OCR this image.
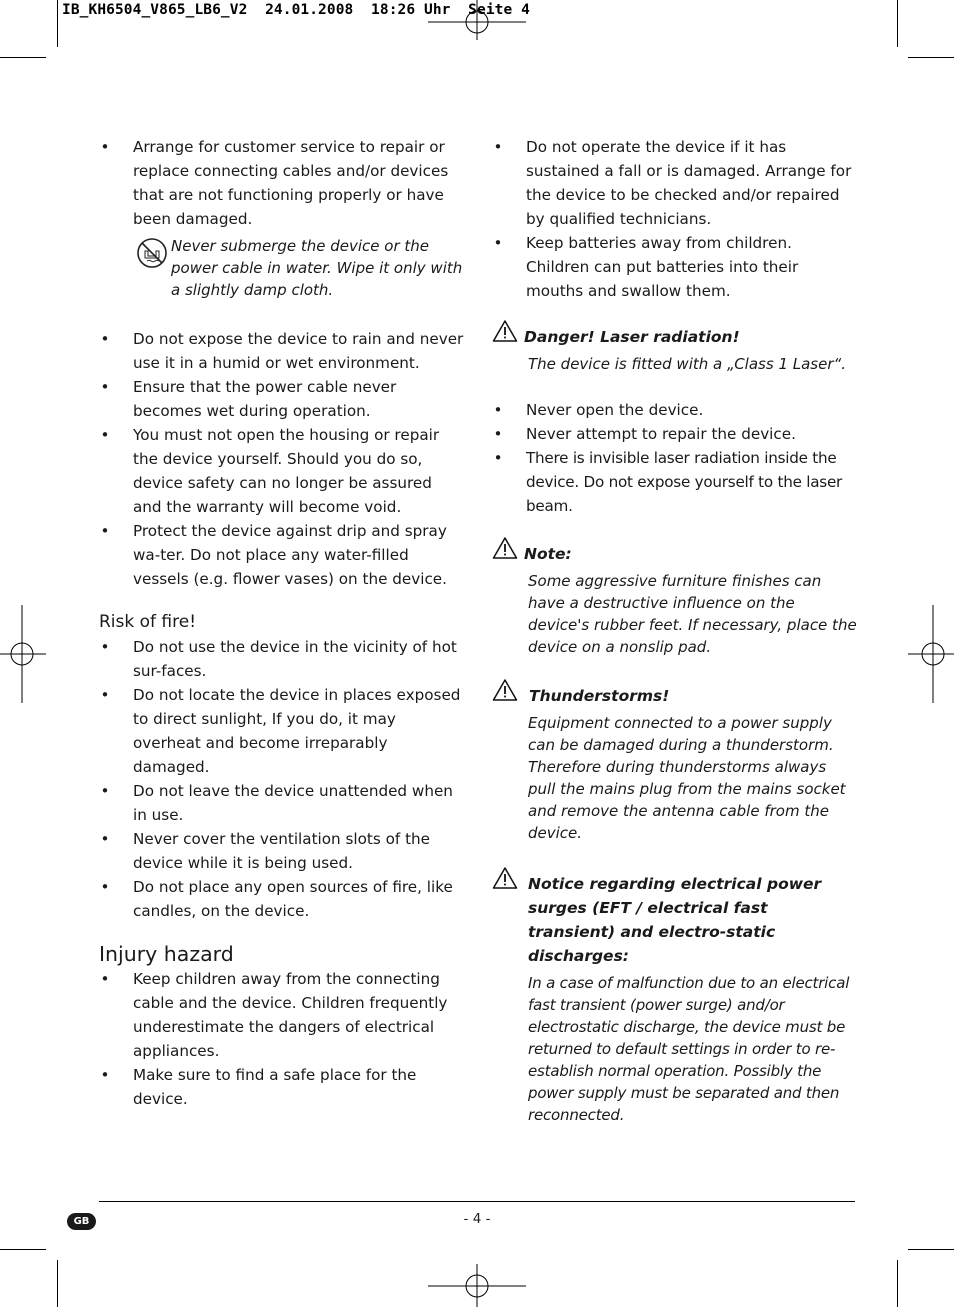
IB_KH6504_V865_LB6_V2  24.01.2008  18:26 Uhr  Seite 4
• Arrange for customer service to repair or replace connecting cables and/or devices that are not functioning properly or have been damaged.
Never submerge the device or the power cable in water. Wipe it only with a slightly damp cloth.
• Do not expose the device to rain and never use it in a humid or wet environment.
• Ensure that the power cable never becomes wet during operation.
• You must not open the housing or repair the device yourself. Should you do so, device safety can no longer be assured and the warranty will become void.
• Protect the device against drip and spray wa-ter. Do not place any water-filled vessels (e.g. flower vases) on the device.
Risk of fire!
• Do not use the device in the vicinity of hot sur-faces.
• Do not locate the device in places exposed to direct sunlight, If you do, it may overheat and become irreparably damaged.
• Do not leave the device unattended when in use.
• Never cover the ventilation slots of the device while it is being used.
• Do not place any open sources of fire, like candles, on the device.
Injury hazard
• Keep children away from the connecting cable and the device. Children frequently underestimate the dangers of electrical appliances.
• Make sure to find a safe place for the device.
• Do not operate the device if it has sustained a fall or is damaged. Arrange for the device to be checked and/or repaired by qualified technicians.
• Keep batteries away from children. Children can put batteries into their mouths and swallow them.
Danger! Laser radiation!
The device is fitted with a „Class 1 Laser“.
• Never open the device.
• Never attempt to repair the device.
• There is invisible laser radiation inside the device. Do not expose yourself to the laser beam.
Note:
Some aggressive furniture finishes can have a destructive influence on the device's rubber feet. If necessary, place the device on a nonslip pad.
Thunderstorms!
Equipment connected to a power supply can be damaged during a thunderstorm. Therefore during thunderstorms always pull the mains plug from the mains socket and remove the antenna cable from the device.
Notice regarding electrical power surges (EFT / electrical fast transient) and electro-static discharges:
In a case of malfunction due to an electrical fast transient (power surge) and/or electrostatic discharge, the device must be returned to default settings in order to re-establish normal operation. Possibly the power supply must be separated and then reconnected.
GB	- 4 -
